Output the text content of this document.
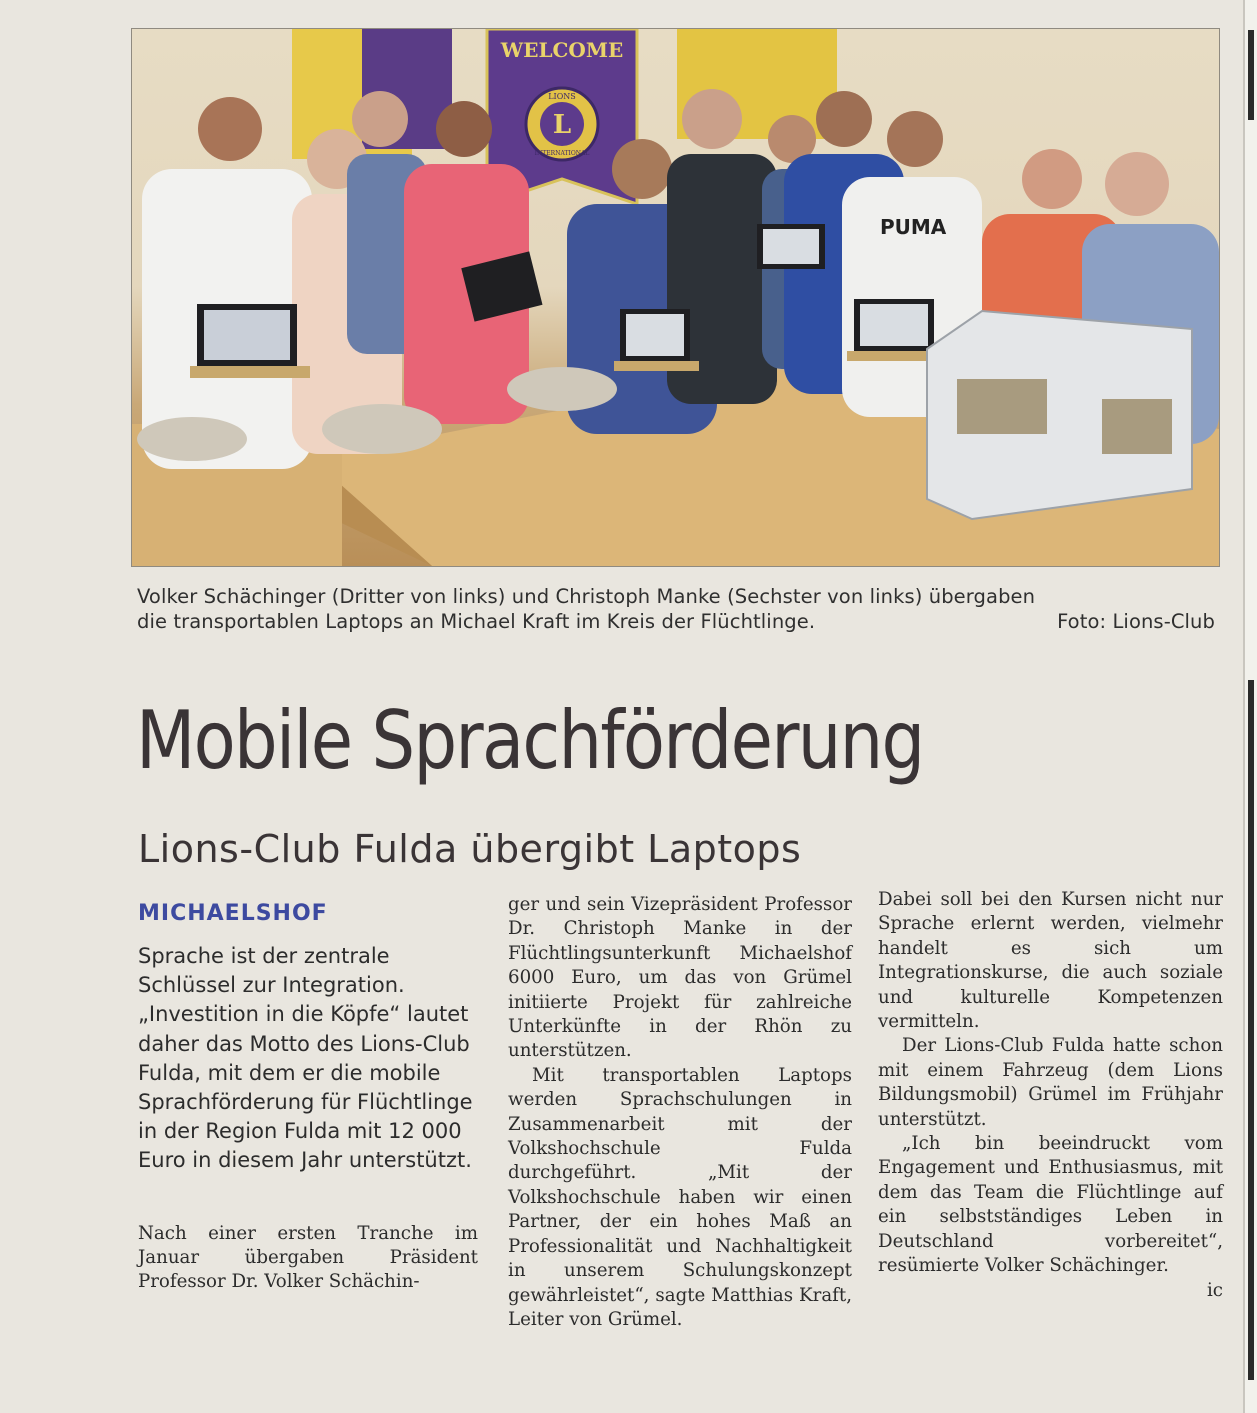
WELCOME
L
LIONS
INTERNATIONAL
PUMA
Volker Schächinger (Dritter von links) und Christoph Manke (Sechster von links) übergaben
die transportablen Laptops an Michael Kraft im Kreis der Flüchtlinge.	Foto: Lions-Club
Mobile Sprachförderung
Lions-Club Fulda übergibt Laptops
MICHAELSHOF

Sprache ist der zentrale Schlüssel zur Integration. „Investition in die Köpfe“ lautet daher das Motto des Lions-Club Fulda, mit dem er die mobile Sprachförderung für Flüchtlinge in der Region Fulda mit 12 000 Euro in diesem Jahr unterstützt.

Nach einer ersten Tranche im Januar übergaben Präsident Professor Dr. Volker Schächin-

ger und sein Vizepräsident Professor Dr. Christoph Manke in der Flüchtlingsunterkunft Michaelshof 6000 Euro, um das von Grümel initiierte Projekt für zahlreiche Unterkünfte in der Rhön zu unterstützen.

Mit transportablen Laptops werden Sprachschulungen in Zusammenarbeit mit der Volkshochschule Fulda durchgeführt. „Mit der Volkshochschule haben wir einen Partner, der ein hohes Maß an Professionalität und Nachhaltigkeit in unserem Schulungskonzept gewährleistet“, sagte Matthias Kraft, Leiter von Grümel.

Dabei soll bei den Kursen nicht nur Sprache erlernt werden, vielmehr handelt es sich um Integrationskurse, die auch soziale und kulturelle Kompetenzen vermitteln.

Der Lions-Club Fulda hatte schon mit einem Fahrzeug (dem Lions Bildungsmobil) Grümel im Frühjahr unterstützt.

„Ich bin beeindruckt vom Engagement und Enthusiasmus, mit dem das Team die Flüchtlinge auf ein selbstständiges Leben in Deutschland vorbereitet“, resümierte Volker Schächinger.

ic
